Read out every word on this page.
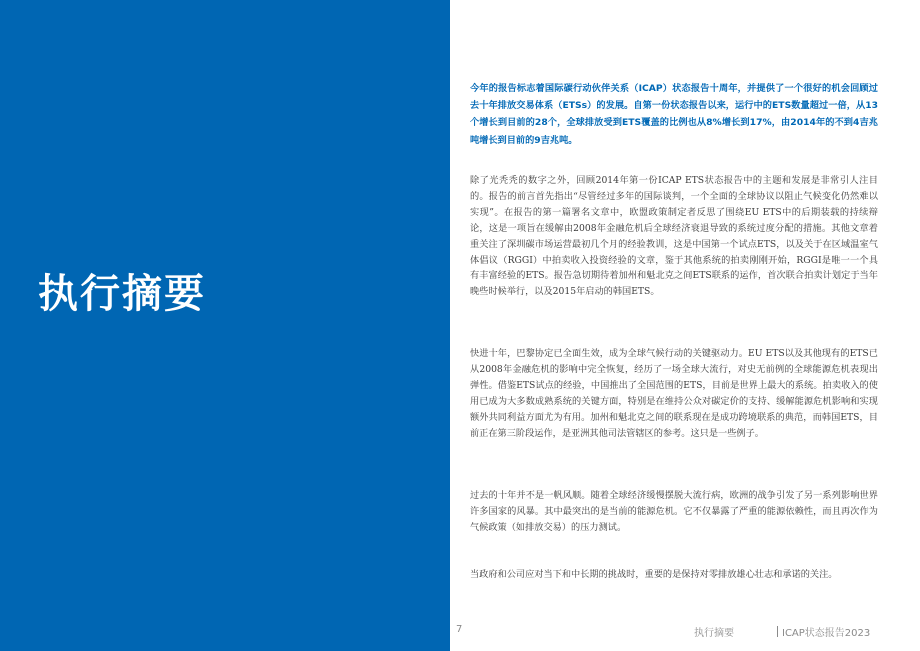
执行摘要

今年的报告标志着国际碳行动伙伴关系（ICAP）状态报告十周年，并提供了一个很好的机会回顾过去十年排放交易体系（ETSs）的发展。自第一份状态报告以来，运行中的ETS数量超过一倍，从13个增长到目前的28个，全球排放受到ETS覆盖的比例也从8%增长到17%，由2014年的不到4吉兆吨增长到目前的9吉兆吨。

除了光秃秃的数字之外，回顾2014年第一份ICAP ETS状态报告中的主题和发展是非常引人注目的。报告的前言首先指出“尽管经过多年的国际谈判，一个全面的全球协议以阻止气候变化仍然难以实现”。在报告的第一篇署名文章中，欧盟政策制定者反思了围绕EU ETS中的后期装载的持续辩论，这是一项旨在缓解由2008年金融危机后全球经济衰退导致的系统过度分配的措施。其他文章着重关注了深圳碳市场运营最初几个月的经验教训，这是中国第一个试点ETS，以及关于在区域温室气体倡议（RGGI）中拍卖收入投资经验的文章，鉴于其他系统的拍卖刚刚开始，RGGI是唯一一个具有丰富经验的ETS。报告急切期待着加州和魁北克之间ETS联系的运作，首次联合拍卖计划定于当年晚些时候举行，以及2015年启动的韩国ETS。

快进十年，巴黎协定已全面生效，成为全球气候行动的关键驱动力。EU ETS以及其他现有的ETS已从2008年金融危机的影响中完全恢复，经历了一场全球大流行，对史无前例的全球能源危机表现出弹性。借鉴ETS试点的经验，中国推出了全国范围的ETS，目前是世界上最大的系统。拍卖收入的使用已成为大多数成熟系统的关键方面，特别是在维持公众对碳定价的支持、缓解能源危机影响和实现额外共同利益方面尤为有用。加州和魁北克之间的联系现在是成功跨境联系的典范，而韩国ETS，目前正在第三阶段运作，是亚洲其他司法管辖区的参考。这只是一些例子。

过去的十年并不是一帆风顺。随着全球经济缓慢摆脱大流行病，欧洲的战争引发了另一系列影响世界许多国家的风暴。其中最突出的是当前的能源危机。它不仅暴露了严重的能源依赖性，而且再次作为气候政策（如排放交易）的压力测试。

当政府和公司应对当下和中长期的挑战时，重要的是保持对零排放雄心壮志和承诺的关注。

7	执行摘要	ICAP状态报告2023
